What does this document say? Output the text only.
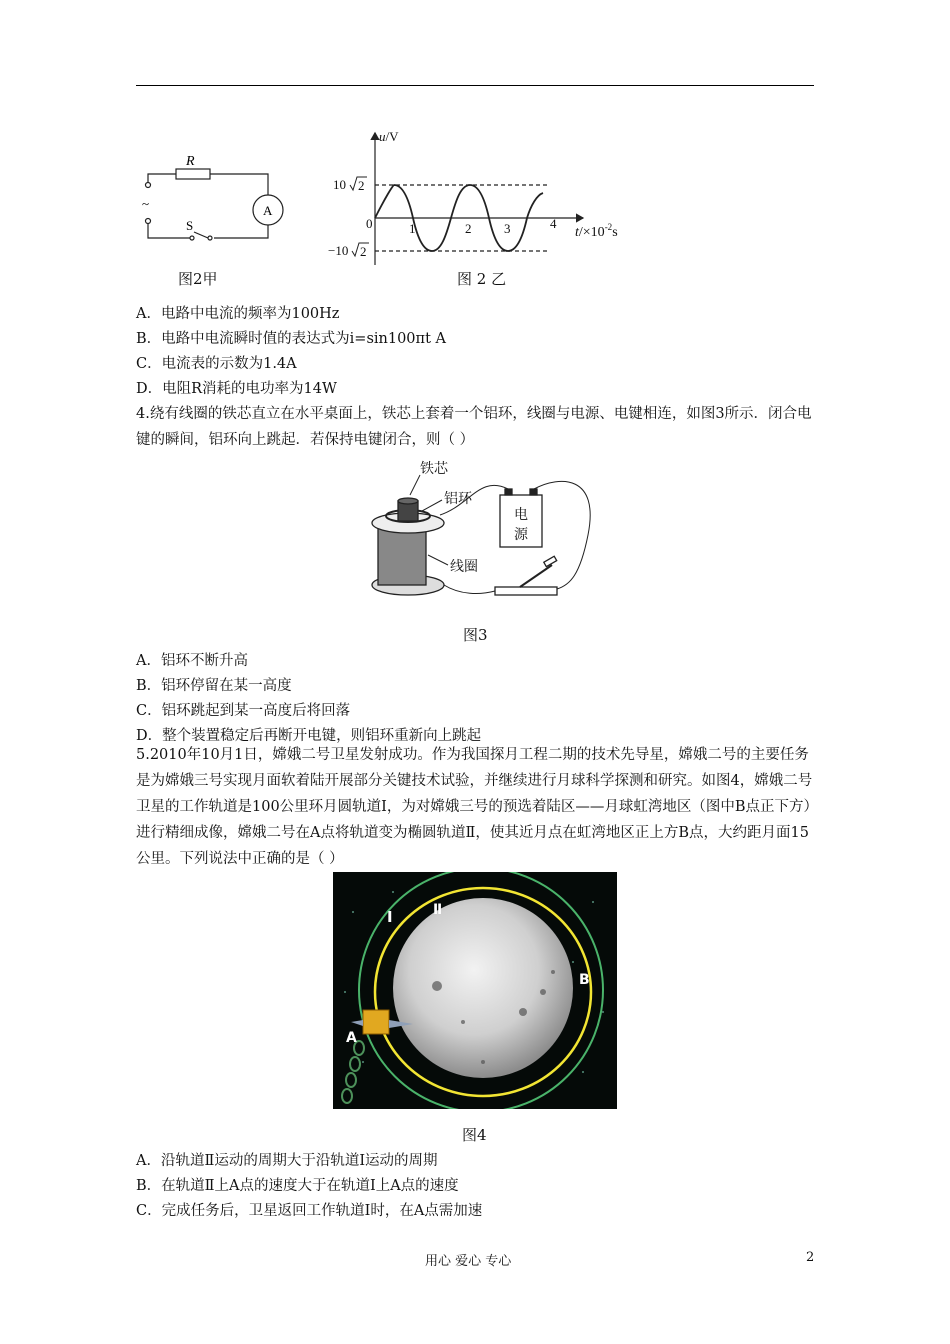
R
A
~
S
图2甲
u/V
10 2
−10 2
0	1	2	3	4
$t/\times 10^{-2}s$
图 2 乙
A．电路中电流的频率为100Hz
B．电路中电流瞬时值的表达式为i=sin100πt A
C．电流表的示数为1.4A
D．电阻R消耗的电功率为14W
4.绕有线圈的铁芯直立在水平桌面上，铁芯上套着一个铝环，线圈与电源、电键相连，如图3所示．闭合电键的瞬间，铝环向上跳起．若保持电键闭合，则（ ）
铁芯
铝环
线圈
电
源
图3
A．铝环不断升高
B．铝环停留在某一高度
C．铝环跳起到某一高度后将回落
D．整个装置稳定后再断开电键，则铝环重新向上跳起
5.2010年10月1日，嫦娥二号卫星发射成功。作为我国探月工程二期的技术先导星，嫦娥二号的主要任务是为嫦娥三号实现月面软着陆开展部分关键技术试验，并继续进行月球科学探测和研究。如图4，嫦娥二号卫星的工作轨道是100公里环月圆轨道Ⅰ，为对嫦娥三号的预选着陆区——月球虹湾地区（图中B点正下方）进行精细成像，嫦娥二号在A点将轨道变为椭圆轨道Ⅱ，使其近月点在虹湾地区正上方B点，大约距月面15公里。下列说法中正确的是（ ）
Ⅰ	Ⅱ
A
B
图4
A．沿轨道Ⅱ运动的周期大于沿轨道Ⅰ运动的周期
B．在轨道Ⅱ上A点的速度大于在轨道Ⅰ上A点的速度
C．完成任务后，卫星返回工作轨道Ⅰ时，在A点需加速
用心 爱心 专心	2
